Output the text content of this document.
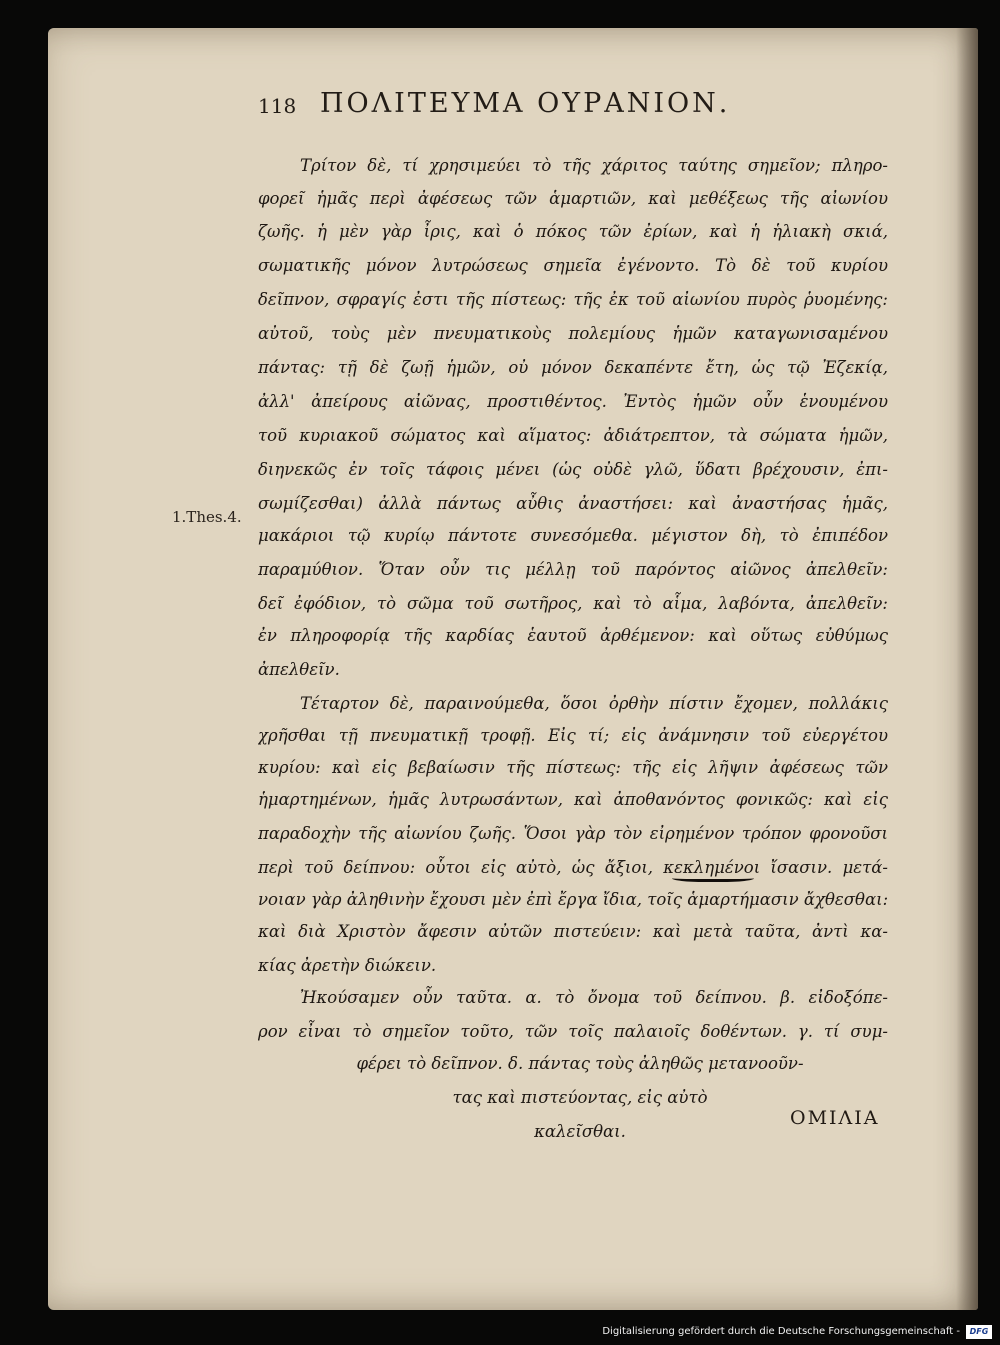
118 ΠΟΛΙΤΕΥΜΑ ΟΥΡΑΝΙΟΝ.
1.Thes.4.
Τρίτον δὲ, τί χρησιμεύει τὸ τῆς χάριτος ταύτης σημεῖον; πληρο-
φορεῖ ἡμᾶς περὶ ἀφέσεως τῶν ἁμαρτιῶν, καὶ μεθέξεως τῆς αἰωνίου
ζωῆς. ἡ μὲν γὰρ ἶρις, καὶ ὁ πόκος τῶν ἐρίων, καὶ ἡ ἡλιακὴ σκιά,
σωματικῆς μόνον λυτρώσεως σημεῖα ἐγένοντο. Τὸ δὲ τοῦ κυρίου
δεῖπνον, σφραγίς ἐστι τῆς πίστεως: τῆς ἐκ τοῦ αἰωνίου πυρὸς ῥυομένης:
αὐτοῦ, τοὺς μὲν πνευματικοὺς πολεμίους ἡμῶν καταγωνισαμένου
πάντας: τῇ δὲ ζωῇ ἡμῶν, οὐ μόνον δεκαπέντε ἔτη, ὡς τῷ Ἐζεκίᾳ,
ἀλλ' ἀπείρους αἰῶνας, προστιθέντος. Ἐντὸς ἡμῶν οὖν ἑνουμένου
τοῦ κυριακοῦ σώματος καὶ αἵματος: ἀδιάτρεπτον, τὰ σώματα ἡμῶν,
διηνεκῶς ἐν τοῖς τάφοις μένει (ὡς οὐδὲ γλῶ, ὕδατι βρέχουσιν, ἐπι-
σωμίζεσθαι) ἀλλὰ πάντως αὖθις ἀναστήσει: καὶ ἀναστήσας ἡμᾶς,
μακάριοι τῷ κυρίῳ πάντοτε συνεσόμεθα. μέγιστον δὴ, τὸ ἐπιπέδον
παραμύθιον. Ὅταν οὖν τις μέλλῃ τοῦ παρόντος αἰῶνος ἀπελθεῖν:
δεῖ ἐφόδιον, τὸ σῶμα τοῦ σωτῆρος, καὶ τὸ αἷμα, λαβόντα, ἀπελθεῖν:
ἐν πληροφορίᾳ τῆς καρδίας ἑαυτοῦ ἀρθέμενον: καὶ οὕτως εὐθύμως
ἀπελθεῖν.
Τέταρτον δὲ, παραινούμεθα, ὅσοι ὀρθὴν πίστιν ἔχομεν, πολλάκις
χρῆσθαι τῇ πνευματικῇ τροφῇ. Εἰς τί; εἰς ἀνάμνησιν τοῦ εὐεργέτου
κυρίου: καὶ εἰς βεβαίωσιν τῆς πίστεως: τῆς εἰς λῆψιν ἀφέσεως τῶν
ἡμαρτημένων, ἡμᾶς λυτρωσάντων, καὶ ἀποθανόντος φονικῶς: καὶ εἰς
παραδοχὴν τῆς αἰωνίου ζωῆς. Ὅσοι γὰρ τὸν εἰρημένον τρόπον φρονοῦσι
περὶ τοῦ δείπνου: οὗτοι εἰς αὐτὸ, ὡς ἄξιοι, κεκλημένοι ἴσασιν. μετά-
νοιαν γὰρ ἀληθινὴν ἔχουσι μὲν ἐπὶ ἔργα ἴδια, τοῖς ἁμαρτήμασιν ἄχθεσθαι:
καὶ διὰ Χριστὸν ἄφεσιν αὐτῶν πιστεύειν: καὶ μετὰ ταῦτα, ἀντὶ κα-
κίας ἀρετὴν διώκειν.
Ἠκούσαμεν οὖν ταῦτα. α. τὸ ὄνομα τοῦ δείπνου. β. εἰδοξόπε-
ρον εἶναι τὸ σημεῖον τοῦτο, τῶν τοῖς παλαιοῖς δοθέντων. γ. τί συμ-
φέρει τὸ δεῖπνον. δ. πάντας τοὺς ἀληθῶς μετανοοῦν-
τας καὶ πιστεύοντας, εἰς αὐτὸ
καλεῖσθαι.
ΟΜΙΛΙΑ
Digitalisierung gefördert durch die Deutsche Forschungsgemeinschaft -	DFG
